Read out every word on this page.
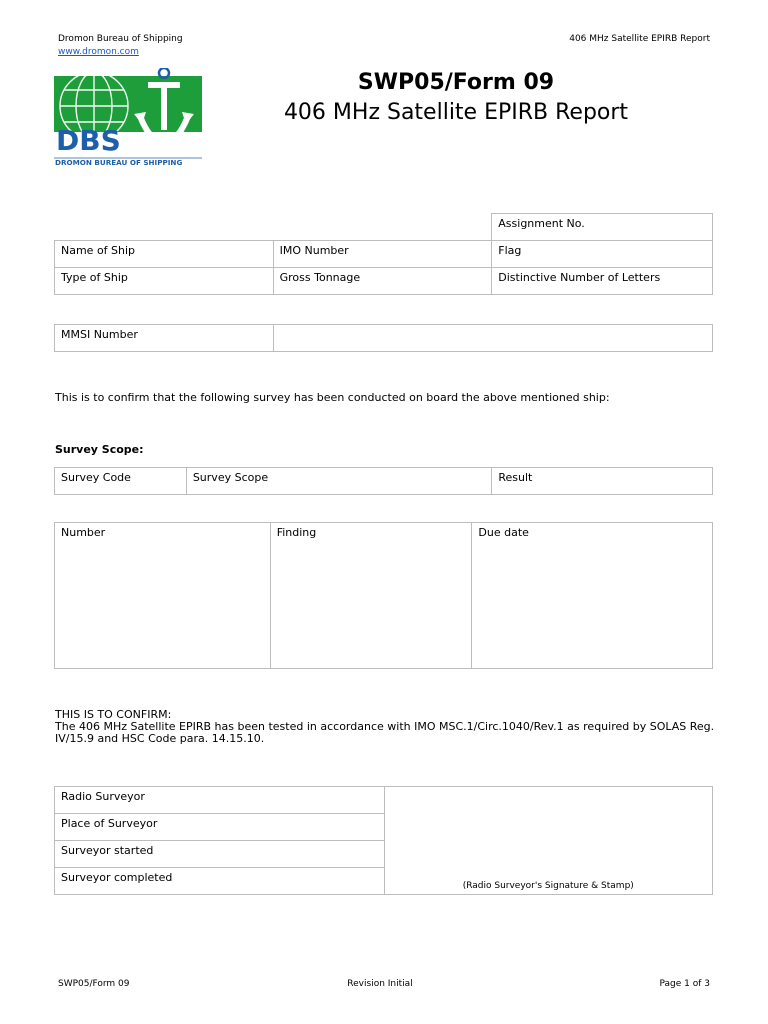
Dromon Bureau of Shipping
www.dromon.com
406 MHz Satellite EPIRB Report
DBS
DROMON BUREAU OF SHIPPING
SWP05/Form 09
406 MHz Satellite EPIRB Report
		Assignment No.
Name of Ship	IMO Number	Flag
Type of Ship	Gross Tonnage	Distinctive Number of Letters
MMSI Number	
This is to confirm that the following survey has been conducted on board the above mentioned ship:
Survey Scope:
Survey Code	Survey Scope	Result
Number	Finding	Due date
THIS IS TO CONFIRM:
The 406 MHz Satellite EPIRB has been tested in accordance with IMO MSC.1/Circ.1040/Rev.1 as required by SOLAS Reg. IV/15.9 and HSC Code para. 14.15.10.
Radio Surveyor	(Radio Surveyor's Signature & Stamp)
Place of Surveyor
Surveyor started
Surveyor completed
SWP05/Form 09	Revision Initial	Page 1 of 3
